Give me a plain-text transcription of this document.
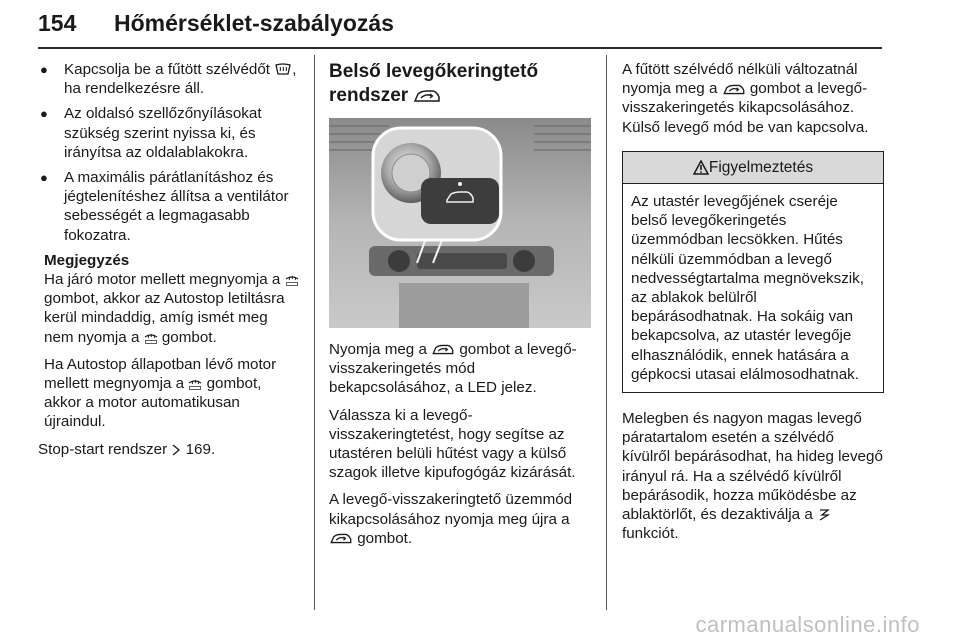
154 Hőmérséklet-szabályozás
● Kapcsolja be a fűtött szélvédőt , ha rendelkezésre áll.
● Az oldalsó szellőzőnyílásokat szükség szerint nyissa ki, és irányítsa az oldalablakokra.
● A maximális párátlanításhoz és jégtelenítéshez állítsa a ventilátor sebességét a legmagasabb fokozatra.
Megjegyzés

Ha járó motor mellett megnyomja a  gombot, akkor az Autostop letiltásra kerül mindaddig, amíg ismét meg nem nyomja a  gombot.

Ha Autostop állapotban lévő motor mellett megnyomja a  gombot, akkor a motor automatikusan újraindul.

Stop-start rendszer  169.

Belső levegőkeringtető rendszer

Nyomja meg a  gombot a levegő-visszakeringetés mód bekapcsolásához, a LED jelez.

Válassza ki a levegő-visszakeringtetést, hogy segítse az utastéren belüli hűtést vagy a külső szagok illetve kipufogógáz kizárását.

A levegő-visszakeringtető üzemmód kikapcsolásához nyomja meg újra a  gombot.

A fűtött szélvédő nélküli változatnál nyomja meg a  gombot a levegő-visszakeringetés kikapcsolásához. Külső levegő mód be van kapcsolva.

Figyelmeztetés
Az utastér levegőjének cseréje belső levegőkeringetés üzemmódban lecsökken. Hűtés nélküli üzemmódban a levegő nedvességtartalma megnövekszik, az ablakok belülről bepárásodhatnak. Ha sokáig van bekapcsolva, az utastér levegője elhasználódik, ennek hatására a gépkocsi utasai elálmosodhatnak.

Melegben és nagyon magas levegő páratartalom esetén a szélvédő kívülről bepárásodhat, ha hideg levegő irányul rá. Ha a szélvédő kívülről bepárásodik, hozza működésbe az ablaktörlőt, és dezaktiválja a  funkciót.

carmanualsonline.info
